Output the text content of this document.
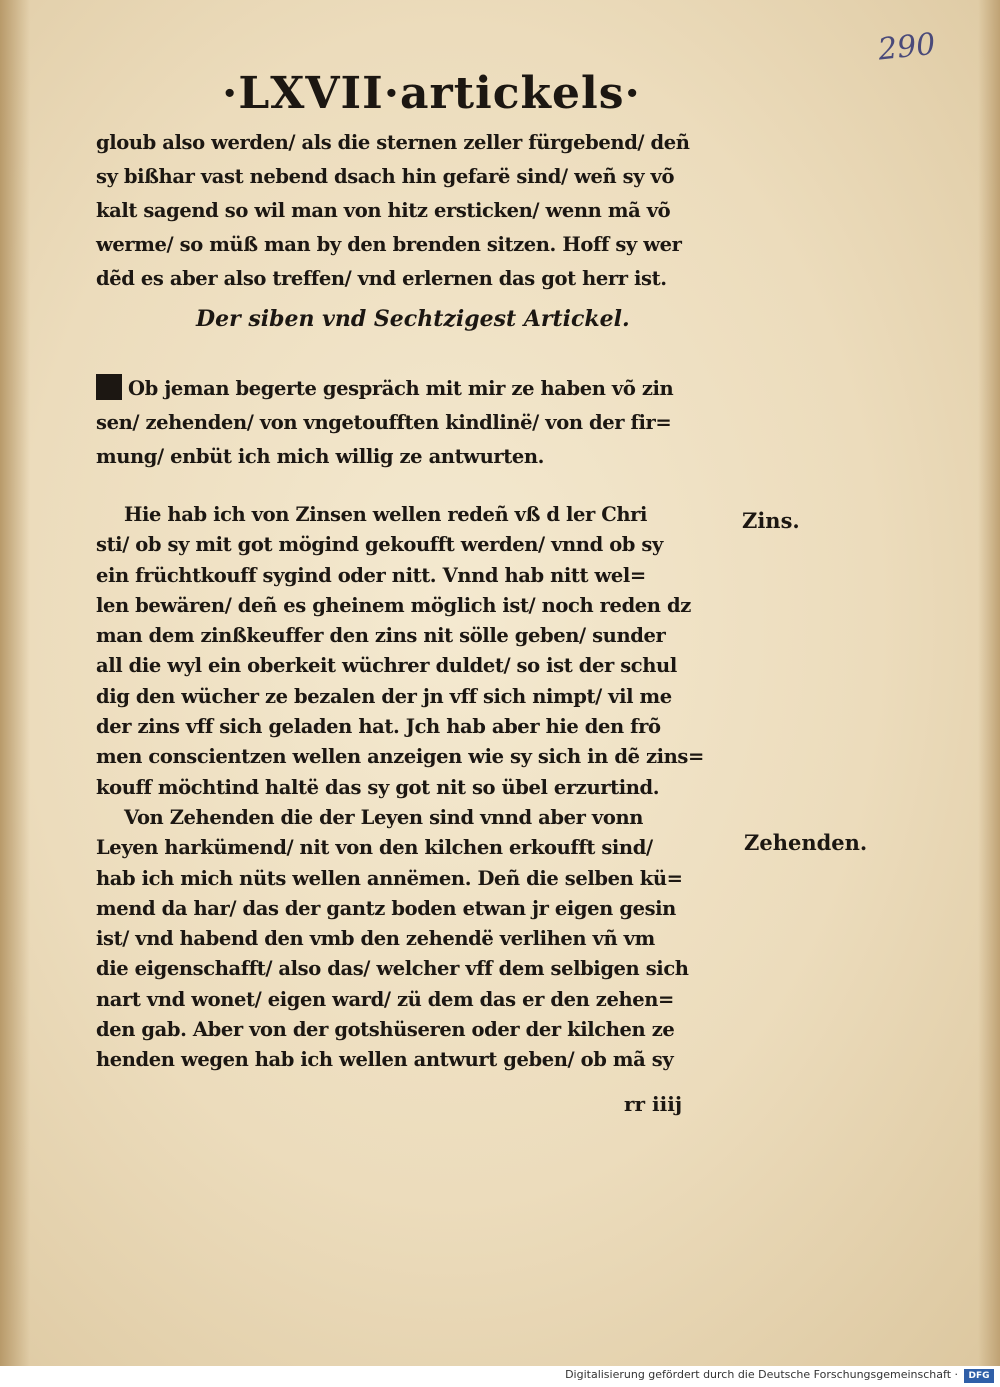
290
·LXVII·artickels·
gloub also werden/ als die sternen zeller fürgebend/ deñ
sy bißhar vast nebend dsach hin gefarë sind/ weñ sy võ
kalt sagend so wil man von hitz ersticken/ wenn mã võ
werme/ so müß man by den brenden sitzen. Hoff sy wer
dẽd es aber also treffen/ vnd erlernen das got herr ist.
Der siben vnd Sechtzigest Artickel.
Ob jeman begerte gespräch mit mir ze haben võ zin
sen/ zehenden/ von vngetoufften kindlinë/ von der fir=
mung/ enbüt ich mich willig ze antwurten.
Hie hab ich von Zinsen wellen redeñ vß d ler Chri
sti/ ob sy mit got mögind gekoufft werden/ vnnd ob sy
ein früchtkouff sygind oder nitt. Vnnd hab nitt wel=
len bewären/ deñ es gheinem möglich ist/ noch reden dz
man dem zinßkeuffer den zins nit sölle geben/ sunder
all die wyl ein oberkeit wüchrer duldet/ so ist der schul
dig den wücher ze bezalen der jn vff sich nimpt/ vil me
der zins vff sich geladen hat. Jch hab aber hie den frõ
men conscientzen wellen anzeigen wie sy sich in dẽ zins=
kouff möchtind haltë das sy got nit so übel erzurtind.
Von Zehenden die der Leyen sind vnnd aber vonn
Leyen harkümend/ nit von den kilchen erkoufft sind/
hab ich mich nüts wellen annëmen. Deñ die selben kü=
mend da har/ das der gantz boden etwan jr eigen gesin
ist/ vnd habend den vmb den zehendë verlihen vñ vm
die eigenschafft/ also das/ welcher vff dem selbigen sich
nart vnd wonet/ eigen ward/ zü dem das er den zehen=
den gab. Aber von der gotshüseren oder der kilchen ze
henden wegen hab ich wellen antwurt geben/ ob mã sy
Zins.
Zehenden.
rr iiij
Digitalisierung gefördert durch die Deutsche Forschungsgemeinschaft ·	DFG
